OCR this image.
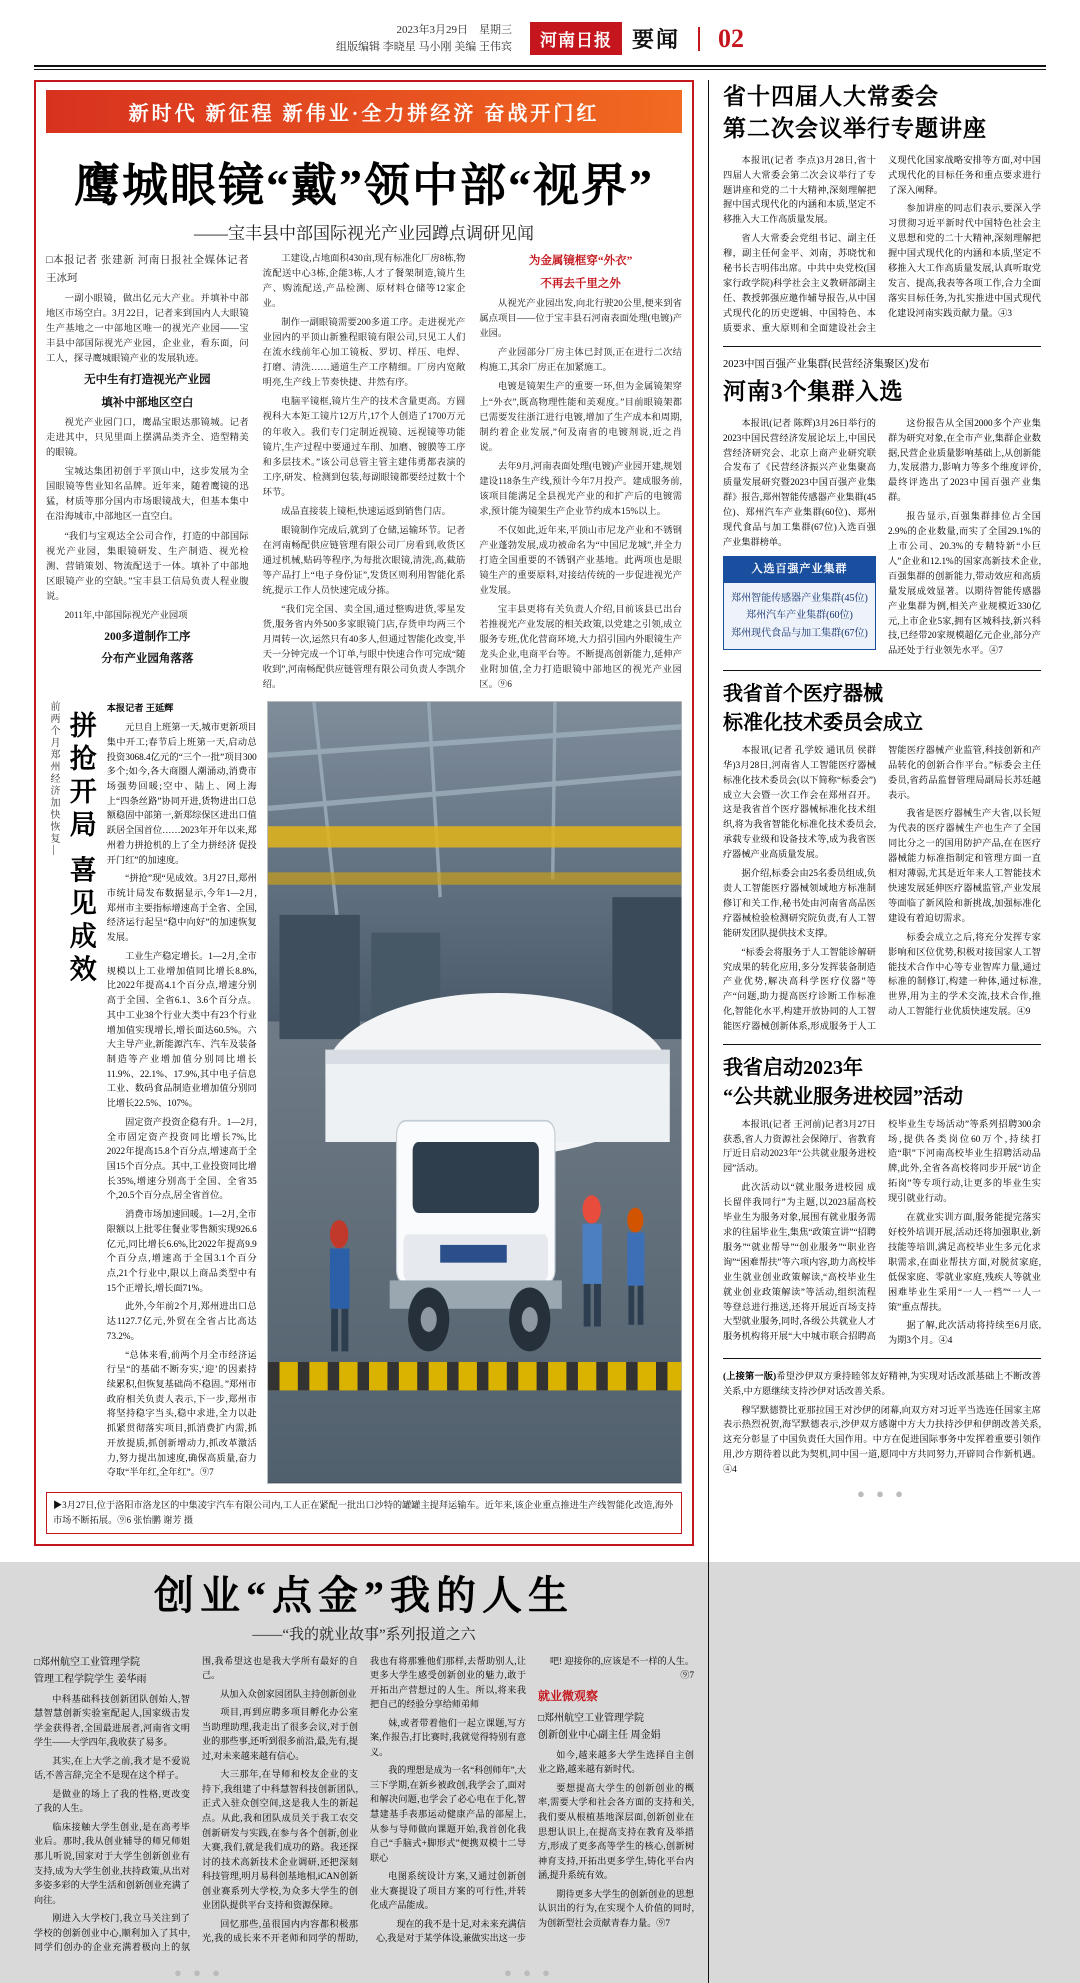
2023年3月29日　星期三
组版编辑 李晓星 马小刚 美编 王伟宾	河南日报 要闻 02
新时代 新征程 新伟业·全力拼经济 奋战开门红
鹰城眼镜“戴”领中部“视界”
——宝丰县中部国际视光产业园蹲点调研见闻

□本报记者 张建新 河南日报社全媒体记者 王冰珂

一副小眼镜，做出亿元大产业。并填补中部地区市场空白。3月22日，记者来到国内人大眼镜生产基地之一中部地区唯一的视光产业园——宝丰县中部国际视光产业园，企业业，看东面，问工人，探寻鹰城眼镜产业的发展轨迹。

无中生有打造视光产业园

填补中部地区空白

视光产业园门口，鹰晶宝眼达那镜城。记者走进其中，只见里面上摆满品类齐全、造型精美的眼镜。

宝城达集团初创于平顶山中，这步发展为全国眼镜等售业知名品牌。近年来，随着鹰镜的迅猛，材质等那分国内市场眼镜战大，但基本集中在沿海城市,中部地区一直空白。

“我们与宝观达全公司合作，打造的中部国际视光产业园，集眼镜研发、生产制造、视光检测、营销策划、物流配送于一体。填补了中部地区眼镜产业的空缺。”宝丰县工信局负责人程业腹说。

2011年,中部国际视光产业园项

200多道制作工序

分布产业园角落落

工建设,占地面积430亩,现有标准化厂房8栋,物流配送中心3栋,企能3栋,人才了餐架制造,镜片生产、购流配送,产品检测、原材料仓储等12家企业。

制作一副眼镜需要200多道工序。走进视光产业园内的平顶山新雅程眼镜有限公司,只见工人们在流水线前年心加工镜板、罗切、样压、电焊、打磨、清洗……通道生产工序精细。厂房内宽敞明亮,生产线上节奏快捷、井然有序。

电脑平镜框,镜片生产的技术含量更高。方圆视科大本矩工镜片12万片,17个人创造了1700万元的年收入。我们专门定制近视镜、远视镜等功能镜片,生产过程中要通过车削、加磨、镀膜等工序和多层技术。”该公司总管主管主建伟勇都表演的工序,研发、检测到包装,每副眼镜都要经过数十个环节。

成品直接装上镜柜,快速运返到销售门店。

眼镜制作完成后,就到了仓储,运输环节。记者在河南畅配供应链管理有限公司厂房看到,收货区通过机械,贴码等程序,为每批次眼镜,清洗,高,截筋等产品打上“电子身份证”,发货区则利用智能化系统,提示工作人员快速完成分拣。

“我们完全国、卖全国,通过整购进货,零星发货,服务省内外500多家眼镜门店,存货申均两三个月周转一次,运然只有40多人,但通过智能化改变,半天一分钟完成一个订单,与眼中快速合作可完成“随收到”,河南畅配供应链管理有限公司负责人李凯介绍。

为金属镜框穿“外衣”

不再去千里之外

从视光产业园出发,向北行驶20公里,便来到省属点项目——位于宝丰县石河南表面处理(电镀)产业园。

产业园部分厂房主体已封顶,正在进行二次结构施工,其余厂房正在加紧施工。

电镀是镜架生产的重要一环,但为金属镜架穿上“外衣”,既高物理性能和美观度。”目前眼镜架都已需要发往浙江进行电镀,增加了生产成本和周期,制约着企业发展,”何及南省的电镀剂说,近之肖说。

去年9月,河南表面处理(电镀)产业园开建,规划建设118条生产线,预计今年7月投产。建成服务前,该项目能满足全县视光产业的和扩产后的电镀需求,预计能为镜架生产企业节约成本15%以上。

不仅如此,近年来,平顶山市尼龙产业和不锈钢产业蓬勃发展,成功被命名为“中国尼龙城”,并全力打造全国重要的不锈钢产业基地。此两项也是眼镜生产的重要原料,对接结传统的一步促进视光产业发展。

宝丰县更将有关负责人介绍,目前该县已出台若推视光产业发展的相关政策,以党建之引领,成立服务专班,优化营商环境,大力招引国内外眼镜生产龙头企业,电商平台等。不断提高创新能力,延伸产业附加值,全力打造眼镜中部地区的视光产业园区。⑨6

前两个月郑州经济加快恢复— 拼抢开局 喜见成效

本报记者 王延辉

元旦自上班第一天,城市更新项目集中开工;春节后上班第一天,启动总投资3068.4亿元的“三个一批”项目300多个;如今,各大商圈人潮涌动,消费市场强势回暖;空中、陆上、网上海上“四条丝路”协同开进,货物进出口总额稳固中部第一,新郑综保区进出口值跃居全国首位……2023年开年以来,郑州着力拼抢机的上了全力拼经济 促投开门红”的加速度。

“拼抢”现“见成效。3月27日,郑州市统计局发布数据显示,今年1—2月,郑州市主要指标增速高于全省、全国,经济运行起呈“稳中向好”的加速恢复发展。

工业生产稳定增长。1—2月,全市规模以上工业增加值同比增长8.8%,比2022年提高4.1个百分点,增速分别高于全国、全省6.1、3.6个百分点。其中工业38个行业大类中有23个行业增加值实现增长,增长面达60.5%。六大主导产业,新能源汽车、汽车及装备制造等产业增加值分别同比增长11.9%、22.1%、17.9%,其中电子信息工业、数码食品制造业增加值分别同比增长22.5%、107%。

固定资产投资企稳有升。1—2月,全市固定资产投资同比增长7%,比2022年提高15.8个百分点,增速高于全国15个百分点。其中,工业投资同比增长35%,增速分别高于全国、全省35个,20.5个百分点,居全省首位。

消费市场加速回暖。1—2月,全市限额以上批零住餐业零售额实现926.6亿元,同比增长6.6%,比2022年提高9.9个百分点,增速高于全国3.1个百分点,21个行业中,限以上商品类型中有15个正增长,增长面71%。

此外,今年前2个月,郑州进出口总达1127.7亿元,外贸在全省占比高达73.2%。

“总体来看,前两个月全市经济运行呈“的基础不断夯实,‘迎’的因素持续累积,但恢复基础尚不稳固。”郑州市政府相关负责人表示,下一步,郑州市将坚持稳字当头,稳中求进,全力以赴抓紧贯彻落实项目,抓消费扩内需,抓开放提质,抓创新增动力,抓改革激活力,努力提出加速度,确保高质量,奋力夺取“半年红,全年红”。⑨7

▶3月27日,位于洛阳市洛龙区的中集凌宇汽车有限公司内,工人正在紧配一批出口沙特的罐罐主提拜运输车。近年来,该企业重点推进生产线智能化改造,海外市场不断拓展。⑨6 张怡鹏 谢芳 摄
创业“点金”我的人生
——“我的就业故事”系列报道之六

□郑州航空工业管理学院
管理工程学院学生 姜华雨

中科基础科技创新团队创始人,智慧智慧创新实验室配起人,国家级击发学金获得者,全国最进展者,河南省文明学生——大学四年,我收获了易多。

其实,在上大学之前,我才是不爱说话,不善言辞,完全不是现在这个样子。

是做业的场上了我的性格,更改变了我的人生。

临床接触大学生创业,是在高考毕业后。那时,我从创业辅导的师兄师姐那儿听说,国家对于大学生创新创业有支持,成为大学生创业,扶持政策,从出对多姿多彩的大学生活和创新创业充满了向往。

刚进入大学校门,我立马关注到了学校的创新创业中心,顺利加入了其中,同学们创办的企业充满着极向上的氛围,我希望这也是我大学所有最好的自己。

从加入众创家园团队主持创新创业

项目,再到应聘多项目孵化办公室当助理助理,我走出了很多会议,对于创业的那些事,还听到很多前沿,最,先有,提过,对未来越来越有信心。

大三那年,在导师和校友企业的支持下,我组建了中科慧智科技创新团队,正式入驻众创空间,这是我人生的新起点。从此,我和团队成员关于我工农交创新研发与实践,在参与各个创新,创业大赛,我们,就是我们成功的路。我还探讨的技术高新技术企业调研,还把深刻科技管理,明月易科创基地相,iCAN创新创业赛系列大学校,为众多大学生的创业团队提供平台支持和资源保障。

回忆那些,虽很国内内容都积极那光,我的成长来不开老师和同学的帮助,我也有将那雅他们那样,去帮助别人,让更多大学生感受创新创业的魅力,敢于开拓出产营想过的人生。所以,将来我把自己的经验分享给师弟师

妹,或者带着他们一起立课题,写方案,作报告,打比赛时,我就觉得特别有意义。

我的理想是成为一名“科创师年”,大三下学期,在新乡被政创,我学会了,面对和解决问题,也学会了必心电在于化,智慧建基手表那运动健康产品的部屋上,从参与导师做向课题开始,我首创化我自己“手脑式+脚形式”便携双模十二导联心

电图系统设计方案,又通过创新创业大赛提设了项目方案的可行性,并转化成产品能成。

现在的我不是十足,对未来充满信心,我是对于某学体设,兼做实出这一步吧! 迎接你的,应该是不一样的人生。⑨7

就业微观察

□郑州航空工业管理学院
创新创业中心副主任 周金娟

如今,越来越多大学生选择自主创业之路,越来越有新时代。

要想提高大学生的创新创业的概率,需要大学和社会各方面的支持和关,我们要从根植基地深层面,创新创业在思想认识上,在提高支持在教育及举措方,形成了更多高等学生的核心,创新树神育支持,开拓出更多学生,铸化平台内涵,提升系统有效。

期待更多大学生的创新创业的思想认识出的行为,在实现个人价值的同时,为创新型社会贡献青春力量。⑨7

● ● ●	● ● ●
省十四届人大常委会
第二次会议举行专题讲座

本报讯(记者 李点)3月28日,省十四届人大常委会第二次会议举行了专题讲座和党的二十大精神,深刻理解把握中国式现代化的内涵和本质,坚定不移推入大工作高质量发展。

省人大常委会党组书记、副主任穆，副主任何金平、刘南，苏晓忱和秘书长吉明伟出席。中共中央党校(国家行政学院)科学社会主义教研部副主任、教授郭强应邀作辅导报告,从中国式现代化的历史逻辑、中国特色、本质要求、重大原则和全面建设社会主义现代化国家战略安排等方面,对中国式现代化的目标任务和重点要求进行了深入阐释。

参加讲座的同志们表示,要深入学习贯彻习近平新时代中国特色社会主义思想和党的二十大精神,深刻理解把握中国式现代化的内涵和本质,坚定不移推入大工作高质量发展,认真听取党发言、提高,我表等各项工作,合力全面落实目标任务,为扎实推进中国式现代化建设河南实践贡献力量。④3

2023中国百强产业集群(民营经济集聚区)发布
河南3个集群入选

本报讯(记者 陈辉)3月26日举行的2023中国民营经济发展论坛上,中国民营经济研究会、北京上商产业研究联合发布了《民营经济振兴产业集聚高质量发展研究暨2023中国百强产业集群》报告,郑州智能传感器产业集群(45位)、郑州汽车产业集群(60位)、郑州现代食品与加工集群(67位)入选百强产业集群榜单。

入选百强产业集群
郑州智能传感器产业集群(45位)
郑州汽车产业集群(60位)
郑州现代食品与加工集群(67位)

这份报告从全国2000多个产业集群为研究对象,在全市产业,集群企业数据,民营企业质量影响基础上,从创新能力,发展潜力,影响力等多个维度评价,最终评选出了2023中国百强产业集群。

报告显示,百强集群排位占全国2.9%的企业数量,而实了全国29.1%的上市公司、20.3%的专精特新“小巨人”企业和12.1%的国家高新技术企业,百强集群的创新能力,带动效应和高质量发展成效显著。以期待智能传感器产业集群为例,相关产业规模近330亿元,上市企业5家,拥有区城科技,新兴科技,已经带20家规模超亿元企业,部分产品还处于行业领先水平。④7

我省首个医疗器械
标准化技术委员会成立

本报讯(记者 孔学姣 通讯员 侯群华)3月28日,河南省人工智能医疗器械标准化技术委员会(以下简称“标委会”)成立大会暨一次工作会在郑州召开。这是我省首个医疗器械标准化技术组织,将为我省智能化标准化技术委员会,承载专业级和设备技术等,成为我省医疗器械产业高质量发展。

据介绍,标委会由25名委员组成,负责人工智能医疗器械领域地方标准制修订和关工作,秘书处由河南省高品医疗器械检验检测研究院负责,有人工智能研发团队提供技术支撑。

“标委会将服务于人工智能诊解研究成果的转化应用,多分发挥装备制造产业优势,解决高科学医疗仪器”等产“问题,助力提高医疗诊断工作标准化,智能化水平,构建开放协同的人工智能医疗器械创新体系,形成服务于人工智能医疗器械产业监管,科技创新和产品转化的创新合作平台。”标委会主任委员,省药品监督管理局副局长苏廷越表示。

我省是医疗器械生产大省,以长短为代表的医疗器械生产也生产了全国同比分之一的国用防护产品,在在医疗器械能力标准指制定和管理方面一直相对薄弱,尤其是近年来人工智能技术快速发展延伸医疗器械监管,产业发展等面临了新风险和新挑战,加强标准化建设有着迫切需求。

标委会成立之后,将充分发挥专家影响和区位优势,积极对接国家人工智能技术合作中心等专业智库力量,通过标准的制修订,构建一种体,通过标准,世界,用为主的学术交流,技术合作,推动人工智能行业优质快速发展。④9

我省启动2023年
“公共就业服务进校园”活动

本报讯(记者 王河前)记者3月27日获悉,省人力资源社会保障厅、省教育厅近日启动2023年“公共就业服务进校园”活动。

此次活动以“就业服务进校园 成长留伴我同行”为主题,以2023届高校毕业生为服务对象,展围有就业服务需求的往届毕业生,集焦“政策宣讲”“招聘服务”“就业帮导”“创业服务”“职业咨询”“困难帮扶”等六项内容,助力高校毕业生就业创业政策解读,“高校毕业生就业创业政策解读”等活动,组织流程等登总进行推送,还将开展近百场支持大型就业服务,同时,各级公共就业人才服务机构将开展“大中城市联合招聘高校毕业生专场活动”等系列招聘300余场,提供各类岗位60万个,持续打造“职”下河南高校毕业生招聘活动品牌,此外,全省各高校将同步开展“访企拓岗”等专项行动,让更多的毕业生实现引就业行动。

在就业实训方面,服务能提完落实好校外培训开展,活动还将加强职业,新技能等培训,满足高校毕业生多元化求职需求,在面业帮扶方面,对脱贫家庭,低保家庭、零就业家庭,残疾人等就业困难毕业生采用“一人一档”“一人一策”重点帮扶。

据了解,此次活动将持续至6月底,为期3个月。④4

(上接第一版)希望沙伊双方秉持睦邻友好精神,为实现对话改派基础上不断改善关系,中方愿继续支持沙伊对话改善关系。

穆罕默德赞比亚那拉国王对沙伊的闭幕,向双方对习近平当选连任国家主席表示热烈祝贺,海罕默德表示,沙伊双方感谢中方大力扶持沙伊和伊朗改善关系,这充分彰显了中国负责任大国作用。中方在促进国际事务中发挥着重要引领作用,沙方期待着以此为契机,同中国一道,愿同中方共同努力,开辟同合作新机遇。④4

● ● ●
